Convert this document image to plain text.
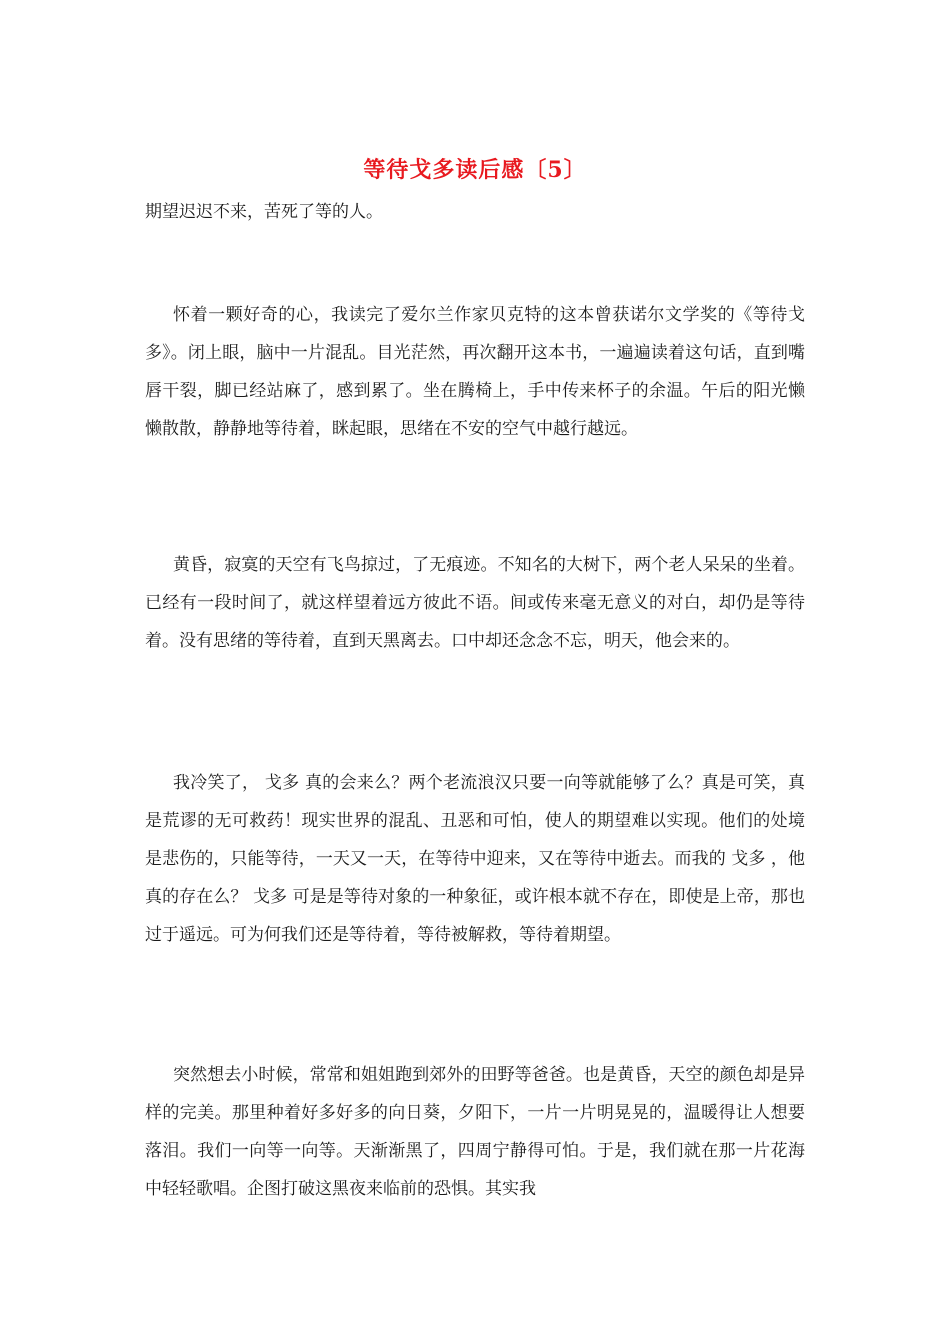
等待戈多读后感〔5〕

期望迟迟不来，苦死了等的人。

怀着一颗好奇的心，我读完了爱尔兰作家贝克特的这本曾获诺尔文学奖的《等待戈多》。闭上眼，脑中一片混乱。目光茫然，再次翻开这本书，一遍遍读着这句话，直到嘴唇干裂，脚已经站麻了，感到累了。坐在腾椅上，手中传来杯子的余温。午后的阳光懒懒散散，静静地等待着，眯起眼，思绪在不安的空气中越行越远。

黄昏，寂寞的天空有飞鸟掠过，了无痕迹。不知名的大树下，两个老人呆呆的坐着。已经有一段时间了，就这样望着远方彼此不语。间或传来毫无意义的对白，却仍是等待着。没有思绪的等待着，直到天黑离去。口中却还念念不忘，明天，他会来的。

我冷笑了， 戈多 真的会来么？两个老流浪汉只要一向等就能够了么？真是可笑，真是荒谬的无可救药！现实世界的混乱、丑恶和可怕，使人的期望难以实现。他们的处境是悲伤的，只能等待，一天又一天，在等待中迎来，又在等待中逝去。而我的 戈多 ，他真的存在么？ 戈多 可是是等待对象的一种象征，或许根本就不存在，即使是上帝，那也过于遥远。可为何我们还是等待着，等待被解救，等待着期望。

突然想去小时候，常常和姐姐跑到郊外的田野等爸爸。也是黄昏，天空的颜色却是异样的完美。那里种着好多好多的向日葵，夕阳下，一片一片明晃晃的，温暖得让人想要落泪。我们一向等一向等。天渐渐黑了，四周宁静得可怕。于是，我们就在那一片花海中轻轻歌唱。企图打破这黑夜来临前的恐惧。其实我
